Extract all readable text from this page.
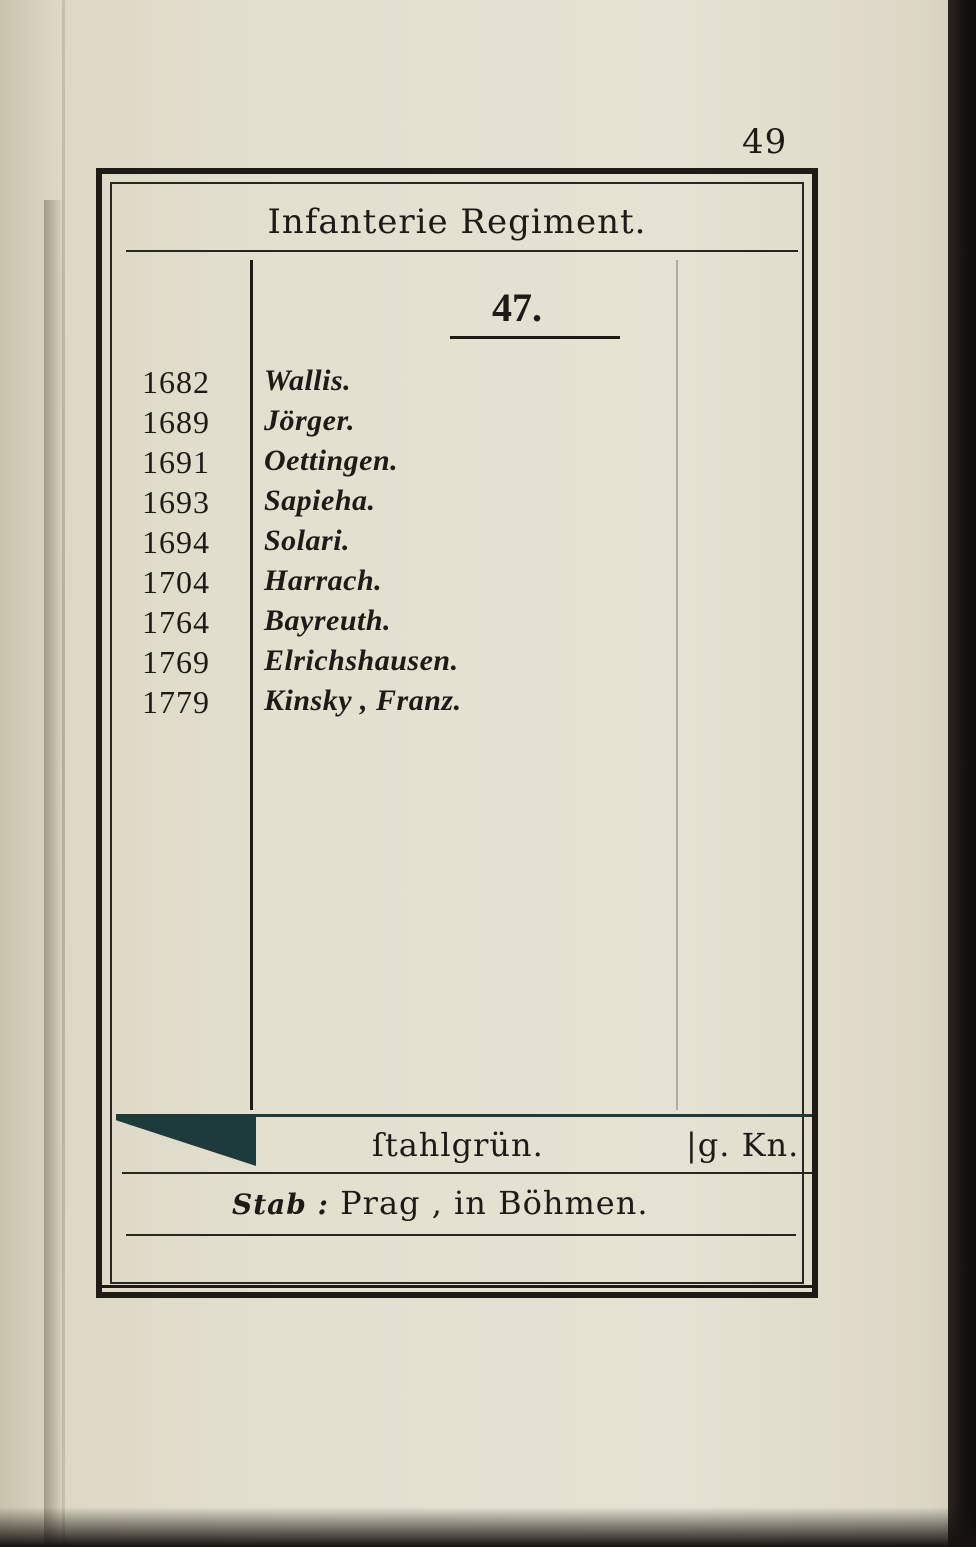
49
Infanterie Regiment.
47.
1682 Wallis.
1689 Jörger.
1691 Oettingen.
1693 Sapieha.
1694 Solari.
1704 Harrach.
1764 Bayreuth.
1769 Elrichshausen.
1779 Kinsky , Franz.
ſtahlgrün.	|g. Kn.
Stab : Prag , in Böhmen.
